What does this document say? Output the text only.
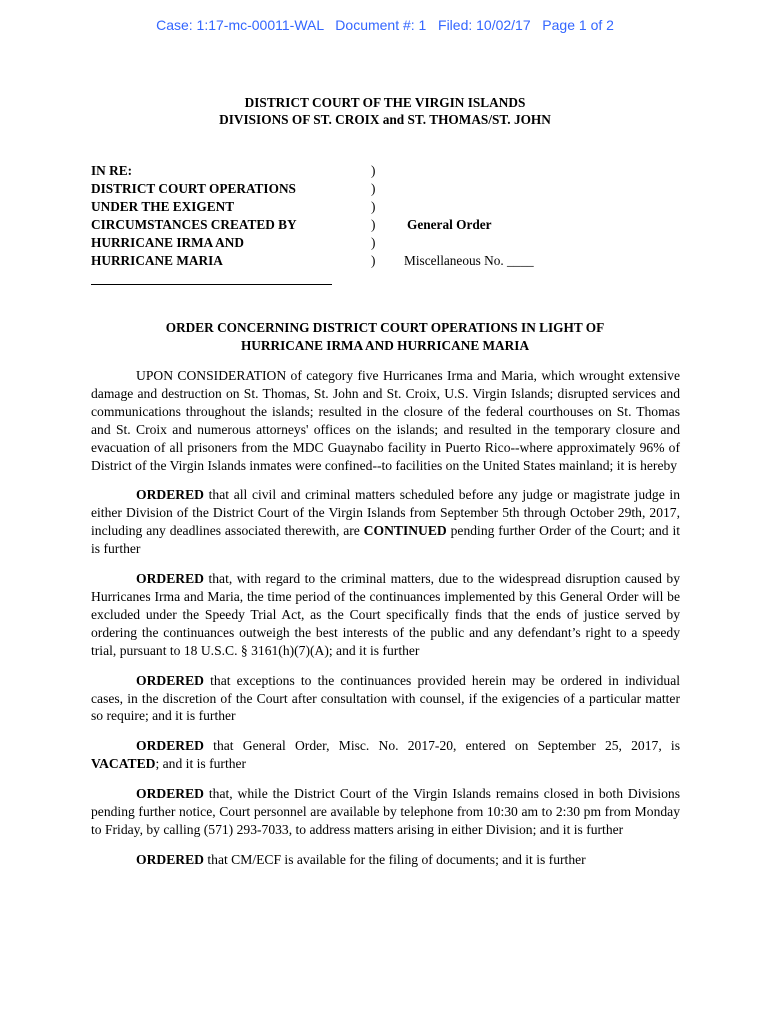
Case: 1:17-mc-00011-WAL   Document #: 1   Filed: 10/02/17   Page 1 of 2
DISTRICT COURT OF THE VIRGIN ISLANDS
DIVISIONS OF ST. CROIX and ST. THOMAS/ST. JOHN
IN RE:
DISTRICT COURT OPERATIONS
UNDER THE EXIGENT
CIRCUMSTANCES CREATED BY
HURRICANE IRMA AND
HURRICANE MARIA
)
)
)
)
)
)
General Order
Miscellaneous No. ____
ORDER CONCERNING DISTRICT COURT OPERATIONS IN LIGHT OF
HURRICANE IRMA AND HURRICANE MARIA

UPON CONSIDERATION of category five Hurricanes Irma and Maria, which wrought extensive damage and destruction on St. Thomas, St. John and St. Croix, U.S. Virgin Islands; disrupted services and communications throughout the islands; resulted in the closure of the federal courthouses on St. Thomas and St. Croix and numerous attorneys' offices on the islands; and resulted in the temporary closure and evacuation of all prisoners from the MDC Guaynabo facility in Puerto Rico--where approximately 96% of District of the Virgin Islands inmates were confined--to facilities on the United States mainland; it is hereby

ORDERED that all civil and criminal matters scheduled before any judge or magistrate judge in either Division of the District Court of the Virgin Islands from September 5th through October 29th, 2017, including any deadlines associated therewith, are CONTINUED pending further Order of the Court; and it is further

ORDERED that, with regard to the criminal matters, due to the widespread disruption caused by Hurricanes Irma and Maria, the time period of the continuances implemented by this General Order will be excluded under the Speedy Trial Act, as the Court specifically finds that the ends of justice served by ordering the continuances outweigh the best interests of the public and any defendant’s right to a speedy trial, pursuant to 18 U.S.C. § 3161(h)(7)(A); and it is further

ORDERED that exceptions to the continuances provided herein may be ordered in individual cases, in the discretion of the Court after consultation with counsel, if the exigencies of a particular matter so require; and it is further

ORDERED that General Order, Misc. No. 2017-20, entered on September 25, 2017, is VACATED; and it is further

ORDERED that, while the District Court of the Virgin Islands remains closed in both Divisions pending further notice, Court personnel are available by telephone from 10:30 am to 2:30 pm from Monday to Friday, by calling (571) 293-7033, to address matters arising in either Division; and it is further

ORDERED that CM/ECF is available for the filing of documents; and it is further
